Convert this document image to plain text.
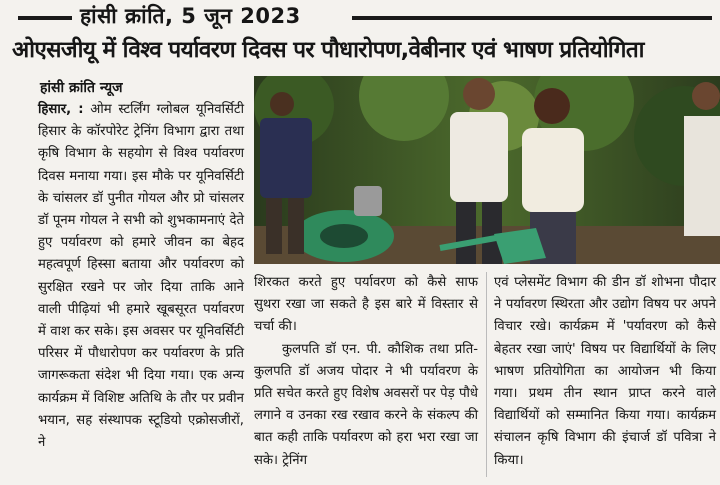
हांसी क्रांति, 5 जून 2023
ओएसजीयू में विश्व पर्यावरण दिवस पर पौधारोपण,वेबीनार एवं भाषण प्रतियोगिता
हांसी क्रांति न्यूज

हिसार, : ओम स्टर्लिंग ग्लोबल यूनिवर्सिटी हिसार के कॉरपोरेट ट्रेनिंग विभाग द्वारा तथा कृषि विभाग के सहयोग से विश्व पर्यावरण दिवस मनाया गया। इस मौके पर यूनिवर्सिटी के चांसलर डॉ पुनीत गोयल और प्रो चांसलर डॉ पूनम गोयल ने सभी को शुभकामनाएं देते हुए पर्यावरण को हमारे जीवन का बेहद महत्वपूर्ण हिस्सा बताया और पर्यावरण को सुरक्षित रखने पर जोर दिया ताकि आने वाली पीढ़ियां भी हमारे खूबसूरत पर्यावरण में वाश कर सके। इस अवसर पर यूनिवर्सिटी परिसर में पौधारोपण कर पर्यावरण के प्रति जागरूकता संदेश भी दिया गया। एक अन्य कार्यक्रम में विशिष्ट अतिथि के तौर पर प्रवीन भयान, सह संस्थापक स्टूडियो एक्रोसजीरों, ने

शिरकत करते हुए पर्यावरण को कैसे साफ सुथरा रखा जा सकते है इस बारे में विस्तार से चर्चा की।

कुलपति डॉ एन. पी. कौशिक तथा प्रति-कुलपति डॉ अजय पोदार ने भी पर्यावरण के प्रति सचेत करते हुए विशेष अवसरों पर पेड़ पौधे लगाने व उनका रख रखाव करने के संकल्प की बात कही ताकि पर्यावरण को हरा भरा रखा जा सके। ट्रेनिंग

एवं प्लेसमेंट विभाग की डीन डॉ शोभना पौदार ने पर्यावरण स्थिरता और उद्योग विषय पर अपने विचार रखे। कार्यक्रम में 'पर्यावरण को कैसे बेहतर रखा जाएं' विषय पर विद्यार्थियों के लिए भाषण प्रतियोगिता का आयोजन भी किया गया। प्रथम तीन स्थान प्राप्त करने वाले विद्यार्थियों को सम्मानित किया गया। कार्यक्रम संचालन कृषि विभाग की इंचार्ज डॉ पवित्रा ने किया।
